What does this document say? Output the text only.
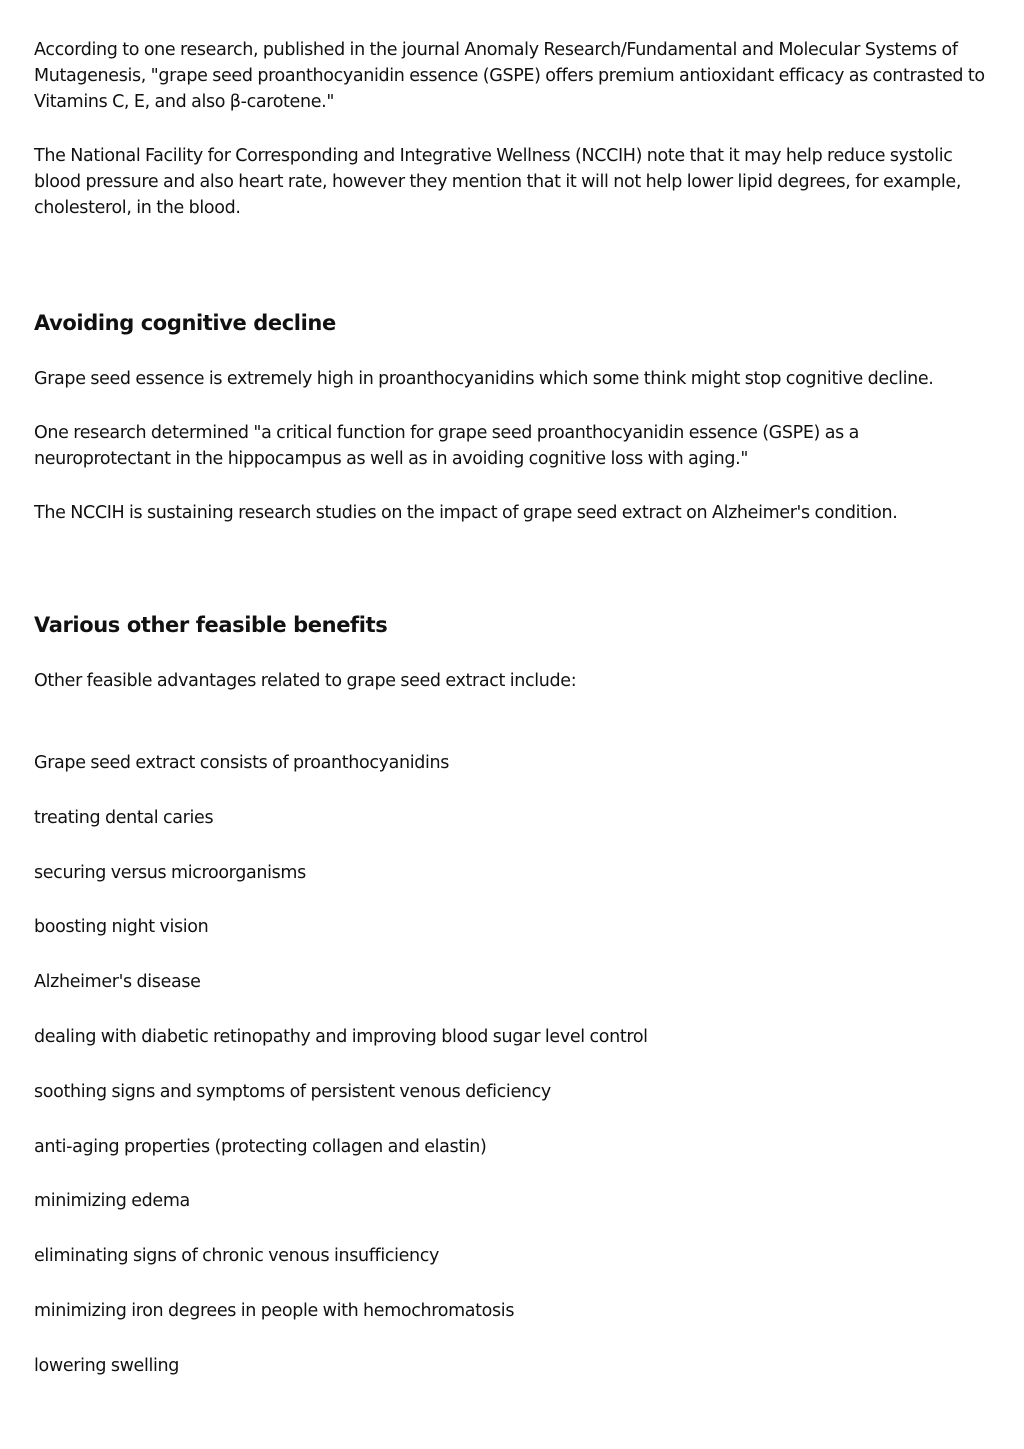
According to one research, published in the journal Anomaly Research/Fundamental and Molecular Systems of Mutagenesis, "grape seed proanthocyanidin essence (GSPE) offers premium antioxidant efficacy as contrasted to Vitamins C, E, and also β-carotene."

The National Facility for Corresponding and Integrative Wellness (NCCIH) note that it may help reduce systolic blood pressure and also heart rate, however they mention that it will not help lower lipid degrees, for example, cholesterol, in the blood.

Avoiding cognitive decline

Grape seed essence is extremely high in proanthocyanidins which some think might stop cognitive decline.

One research determined "a critical function for grape seed proanthocyanidin essence (GSPE) as a neuroprotectant in the hippocampus as well as in avoiding cognitive loss with aging."

The NCCIH is sustaining research studies on the impact of grape seed extract on Alzheimer's condition.

Various other feasible benefits

Other feasible advantages related to grape seed extract include:

Grape seed extract consists of proanthocyanidins
treating dental caries
securing versus microorganisms
boosting night vision
Alzheimer's disease
dealing with diabetic retinopathy and improving blood sugar level control
soothing signs and symptoms of persistent venous deficiency
anti-aging properties (protecting collagen and elastin)
minimizing edema
eliminating signs of chronic venous insufficiency
minimizing iron degrees in people with hemochromatosis
lowering swelling
